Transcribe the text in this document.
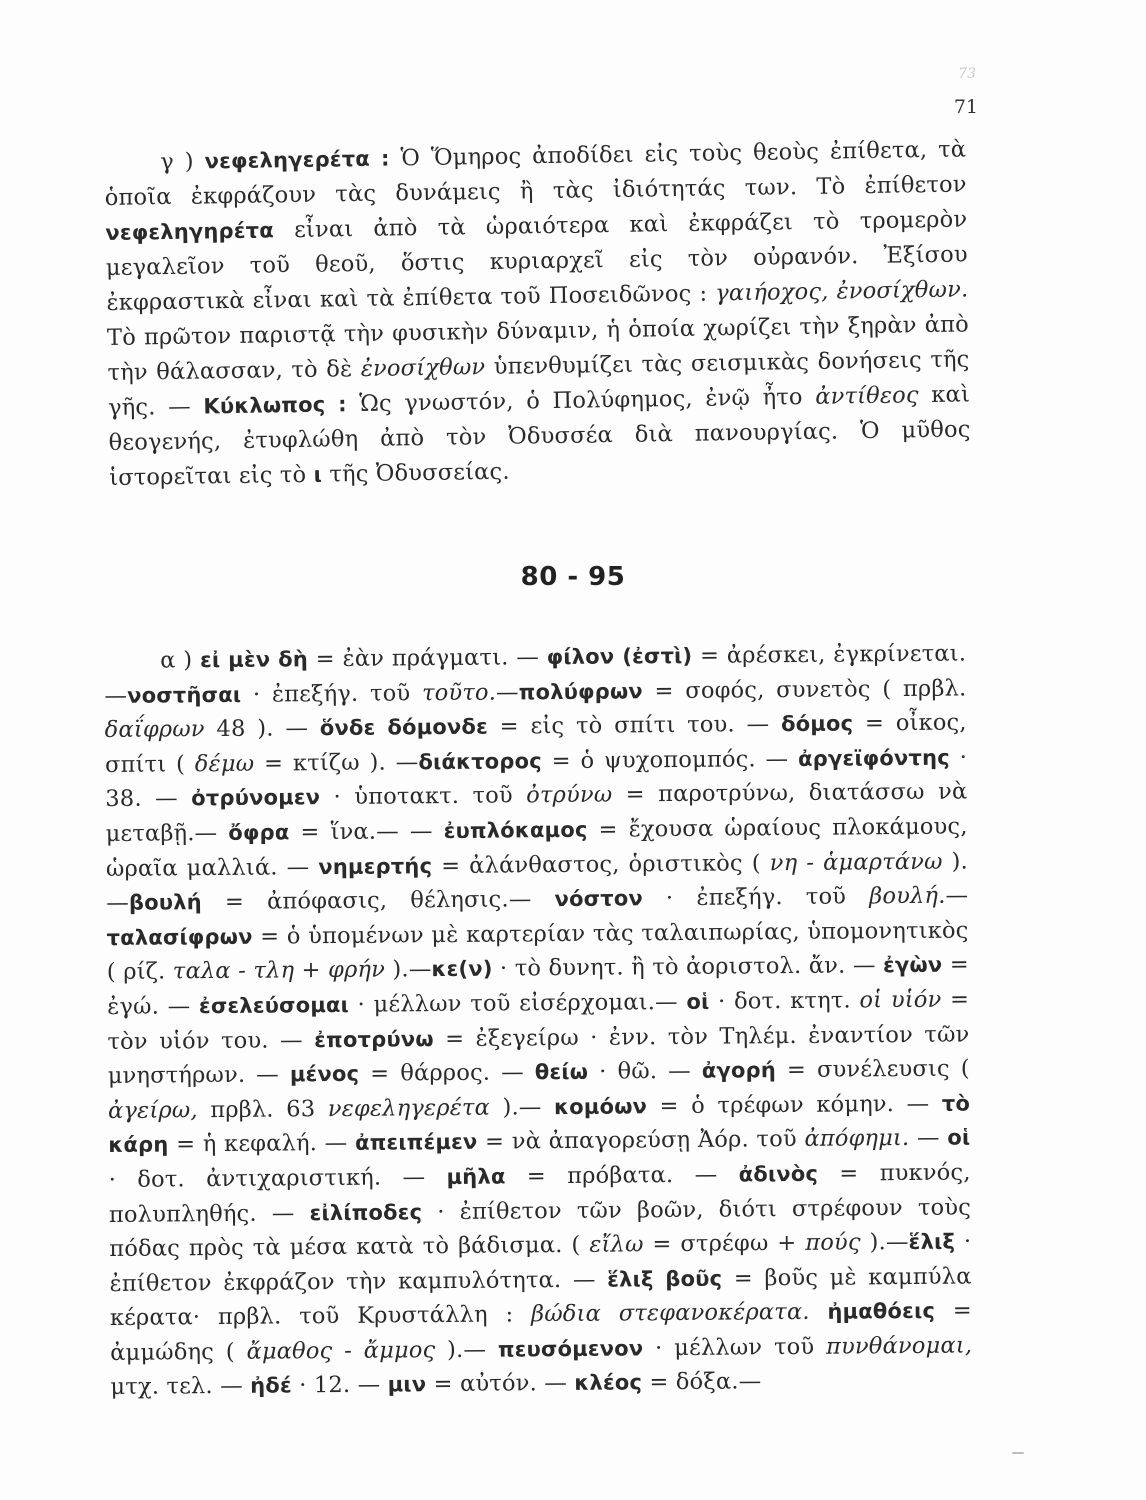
73
71

γ ) νεφεληγερέτα : Ὁ Ὅμηρος ἀποδίδει εἰς τοὺς θεοὺς ἐπίθετα, τὰ ὁποῖα ἐκφράζουν τὰς δυνάμεις ἢ τὰς ἰδιότητάς των. Τὸ ἐπίθετον νεφεληγηρέτα εἶναι ἀπὸ τὰ ὡραιότερα καὶ ἐκφράζει τὸ τρομερὸν μεγαλεῖον τοῦ θεοῦ, ὅστις κυριαρχεῖ εἰς τὸν οὐρανόν. Ἐξίσου ἐκφραστικὰ εἶναι καὶ τὰ ἐπίθετα τοῦ Ποσειδῶνος : γαιήοχος, ἐνοσίχθων. Τὸ πρῶτον παριστᾷ τὴν φυσικὴν δύναμιν, ἡ ὁποία χωρίζει τὴν ξηρὰν ἀπὸ τὴν θάλασσαν, τὸ δὲ ἐνοσίχθων ὑπενθυμίζει τὰς σεισμικὰς δονήσεις τῆς γῆς. — Κύκλωπος : Ὡς γνωστόν, ὁ Πολύφημος, ἐνῷ ἦτο ἀντίθεος καὶ θεογενής, ἐτυφλώθη ἀπὸ τὸν Ὀδυσσέα διὰ πανουργίας. Ὁ μῦθος ἱστορεῖται εἰς τὸ ι τῆς Ὀδυσσείας.

80 - 95

α ) εἰ μὲν δὴ = ἐὰν πράγματι. — φίλον (ἐστὶ) = ἀρέσκει, ἐγκρίνεται.—νοστῆσαι · ἐπεξήγ. τοῦ τοῦτο.—πολύφρων = σοφός, συνετὸς ( πρβλ. δαΐφρων 48 ). — ὅνδε δόμονδε = εἰς τὸ σπίτι του. — δόμος = οἶκος, σπίτι ( δέμω = κτίζω ). —διάκτορος = ὁ ψυχοπομπός. — ἀργεϊφόντης · 38. — ὀτρύνομεν · ὑποτακτ. τοῦ ὀτρύνω = παροτρύνω, διατάσσω νὰ μεταβῇ.— ὄφρα = ἵνα.— — ἐυπλόκαμος = ἔχουσα ὡραίους πλοκάμους, ὡραῖα μαλλιά. — νημερτής = ἀλάνθαστος, ὁριστικὸς ( νη - ἁμαρτάνω ).—βουλή = ἀπόφασις, θέλησις.— νόστον · ἐπεξήγ. τοῦ βουλή.— ταλασίφρων = ὁ ὑπομένων μὲ καρτερίαν τὰς ταλαιπωρίας, ὑπομονητικὸς ( ρίζ. ταλα - τλη + φρήν ).—κε(ν) · τὸ δυνητ. ἢ τὸ ἀοριστολ. ἄν. — ἐγὼν = ἐγώ. — ἐσελεύσομαι · μέλλων τοῦ εἰσέρχομαι.— οἱ · δοτ. κτητ. οἱ υἱόν = τὸν υἱόν του. — ἐποτρύνω = ἐξεγείρω · ἐνν. τὸν Τηλέμ. ἐναντίον τῶν μνηστήρων. — μένος = θάρρος. — θείω · θῶ. — ἀγορή = συνέλευσις ( ἀγείρω, πρβλ. 63 νεφεληγερέτα ).— κομόων = ὁ τρέφων κόμην. — τὸ κάρη = ἡ κεφαλή. — ἀπειπέμεν = νὰ ἀπαγορεύσῃ Ἀόρ. τοῦ ἀπόφημι. — οἱ · δοτ. ἀντιχαριστική. — μῆλα = πρόβατα. — ἀδινὸς = πυκνός, πολυπληθής. — εἰλίποδες · ἐπίθετον τῶν βοῶν, διότι στρέφουν τοὺς πόδας πρὸς τὰ μέσα κατὰ τὸ βάδισμα. ( εἴλω = στρέφω + πούς ).—ἕλιξ · ἐπίθετον ἐκφράζον τὴν καμπυλότητα. — ἕλιξ βοῦς = βοῦς μὲ καμπύλα κέρατα· πρβλ. τοῦ Κρυστάλλη : βώδια στεφανοκέρατα. ἠμαθόεις = ἀμμώδης ( ἄμαθος - ἄμμος ).— πευσόμενον · μέλλων τοῦ πυνθάνομαι, μτχ. τελ. — ἠδέ · 12. — μιν = αὐτόν. — κλέος = δόξα.—
